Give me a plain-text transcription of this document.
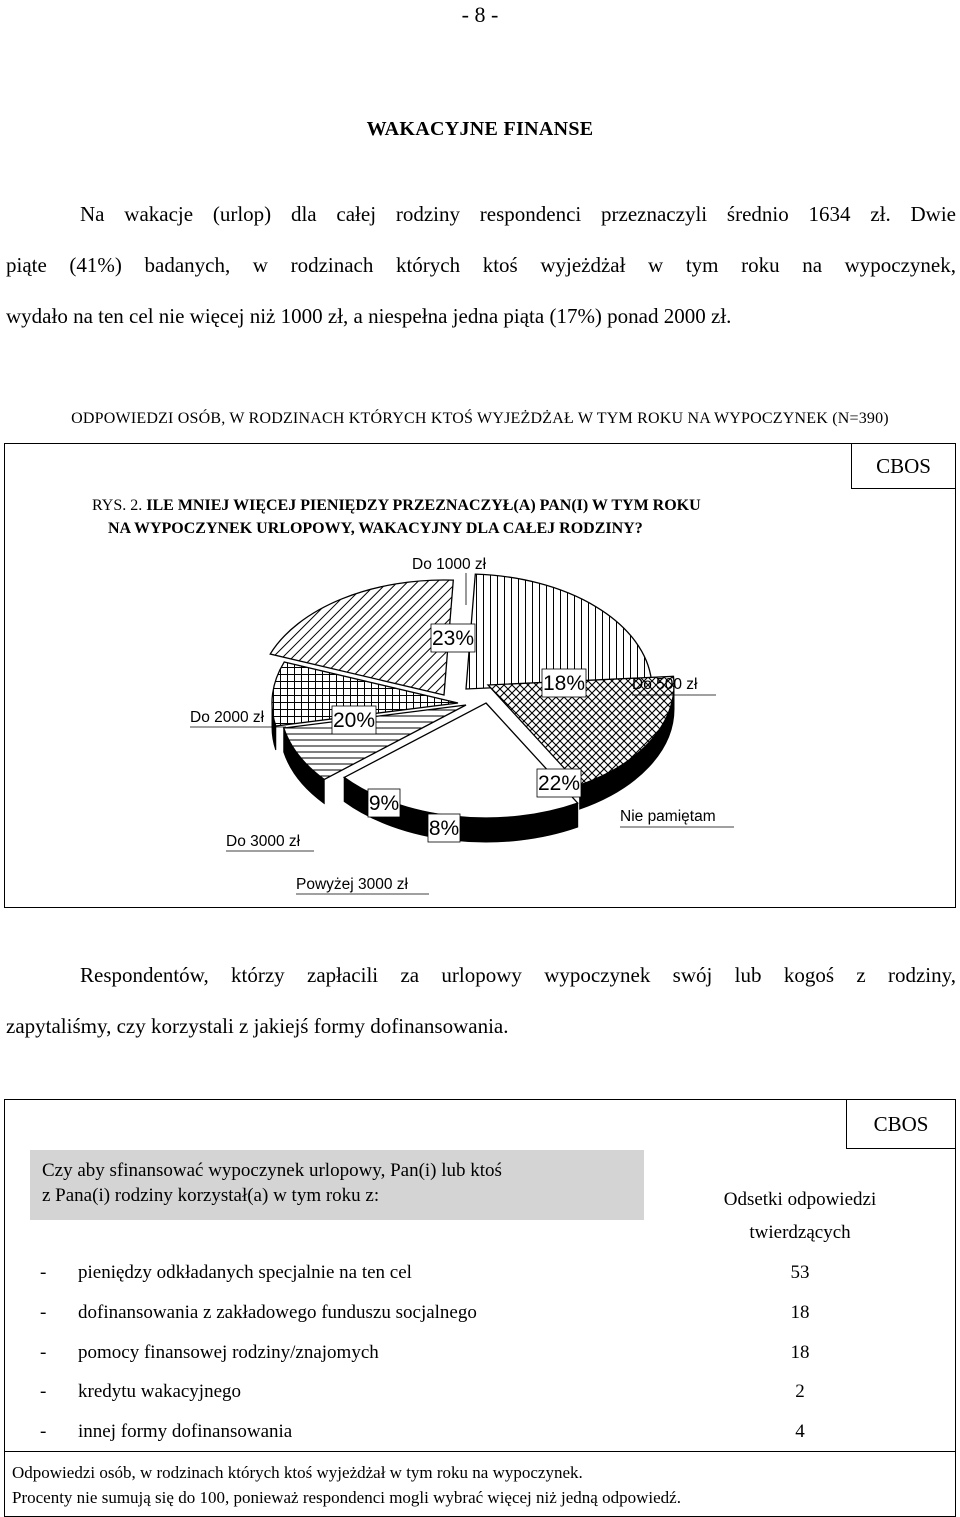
- 8 -
WAKACYJNE FINANSE
Na wakacje (urlop) dla całej rodziny respondenci przeznaczyli średnio 1634 zł. Dwie
piąte (41%) badanych, w rodzinach których ktoś wyjeżdżał w tym roku na wypoczynek,
wydało na ten cel nie więcej niż 1000 zł, a niespełna jedna piąta (17%) ponad 2000 zł.
ODPOWIEDZI OSÓB, W RODZINACH KTÓRYCH KTOŚ WYJEŻDŻAŁ W TYM ROKU NA WYPOCZYNEK (N=390)
CBOS
RYS. 2. ILE MNIEJ WIĘCEJ PIENIĘDZY PRZEZNACZYŁ(A) PAN(I) W TYM ROKU
NA WYPOCZYNEK URLOPOWY, WAKACYJNY DLA CAŁEJ RODZINY?
23%
Do 1000 zł
18%	Do 500 zł
22%
Nie pamiętam
8%
Powyżej 3000 zł
9%
Do 3000 zł
20%
Do 2000 zł
Respondentów, którzy zapłacili za urlopowy wypoczynek swój lub kogoś z rodziny,
zapytaliśmy, czy korzystali z jakiejś formy dofinansowania.
CBOS
Czy aby sfinansować wypoczynek urlopowy, Pan(i) lub ktoś
z Pana(i) rodziny korzystał(a) w tym roku z:	Odsetki odpowiedzi
twierdzących
- pieniędzy odkładanych specjalnie na ten cel	53
- dofinansowania z zakładowego funduszu socjalnego	18
- pomocy finansowej rodziny/znajomych	18
- kredytu wakacyjnego	2
- innej formy dofinansowania	4
Odpowiedzi osób, w rodzinach których ktoś wyjeżdżał w tym roku na wypoczynek.
Procenty nie sumują się do 100, ponieważ respondenci mogli wybrać więcej niż jedną odpowiedź.
